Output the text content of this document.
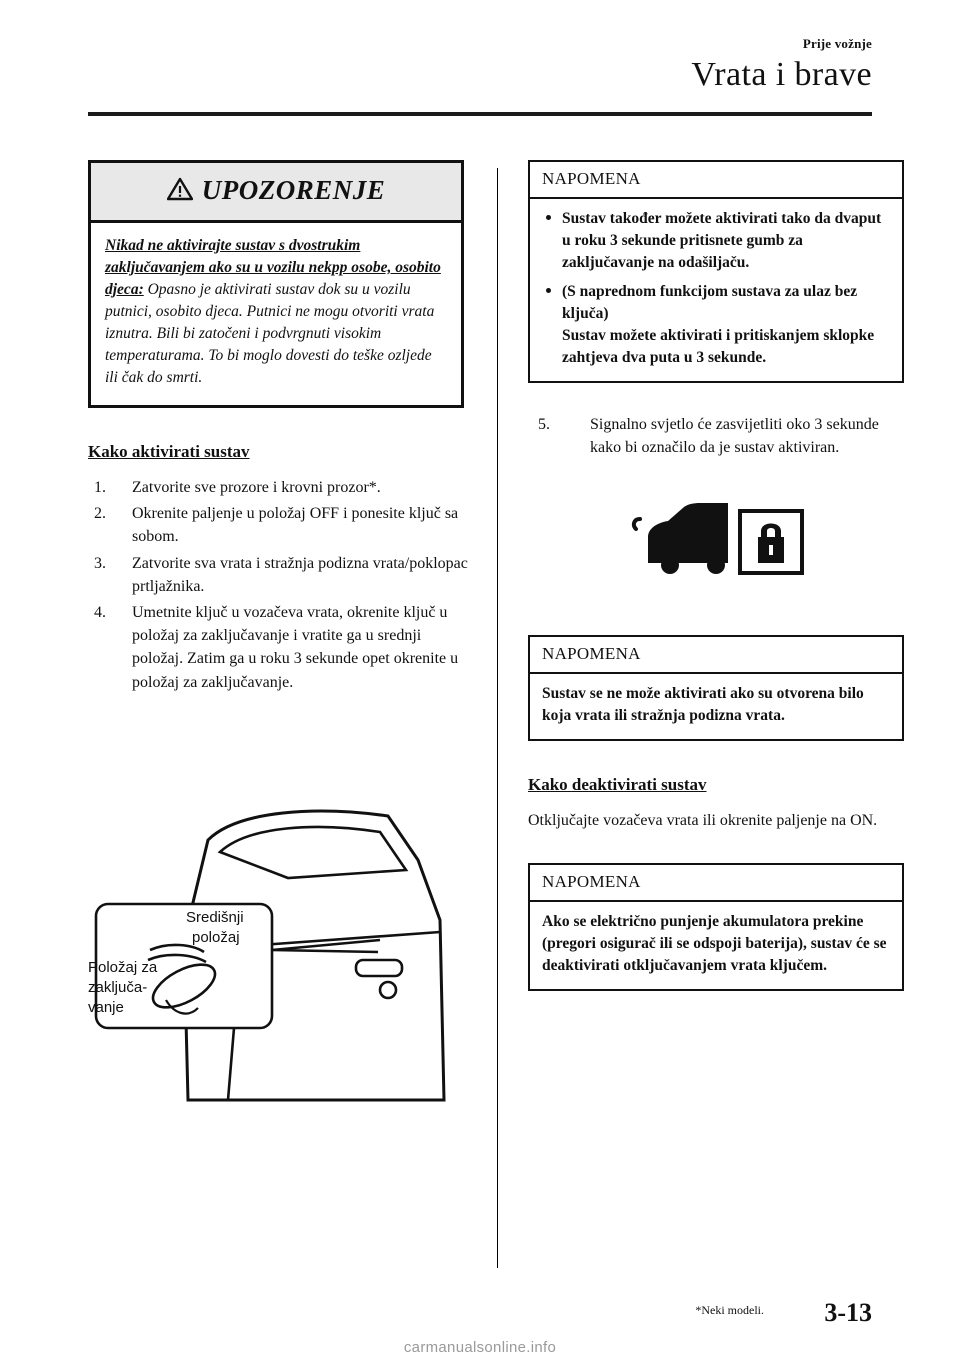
Prije vožnje
Vrata i brave
UPOZORENJE
Nikad ne aktivirajte sustav s dvostrukim zaključavanjem ako su u vozilu nekpp osobe, osobito djeca: Opasno je aktivirati sustav dok su u vozilu putnici, osobito djeca. Putnici ne mogu otvoriti vrata iznutra. Bili bi zatočeni i podvrgnuti visokim temperaturama. To bi moglo dovesti do teške ozljede ili čak do smrti.
Kako aktivirati sustav
1. Zatvorite sve prozore i krovni prozor*.
2. Okrenite paljenje u položaj OFF i ponesite ključ sa sobom.
3. Zatvorite sva vrata i stražnja podizna vrata/poklopac prtljažnika.
4. Umetnite ključ u vozačeva vrata, okrenite ključ u položaj za zaključavanje i vratite ga u srednji položaj. Zatim ga u roku 3 sekunde opet okrenite u položaj za zaključavanje.
Središnji
položaj
Položaj za
zaključa-
vanje
NAPOMENA
Sustav također možete aktivirati tako da dvaput u roku 3 sekunde pritisnete gumb za zaključavanje na odašiljaču.
(S naprednom funkcijom sustava za ulaz bez ključa)
Sustav možete aktivirati i pritiskanjem sklopke zahtjeva dva puta u 3 sekunde.
5.	Signalno svjetlo će zasvijetliti oko 3 sekunde kako bi označilo da je sustav aktiviran.
NAPOMENA
Sustav se ne može aktivirati ako su otvorena bilo koja vrata ili stražnja podizna vrata.
Kako deaktivirati sustav
Otključajte vozačeva vrata ili okrenite paljenje na ON.
NAPOMENA
Ako se električno punjenje akumulatora prekine (pregori osigurač ili se odspoji baterija), sustav će se deaktivirati otključavanjem vrata ključem.
*Neki modeli. 3-13
carmanualsonline.info
